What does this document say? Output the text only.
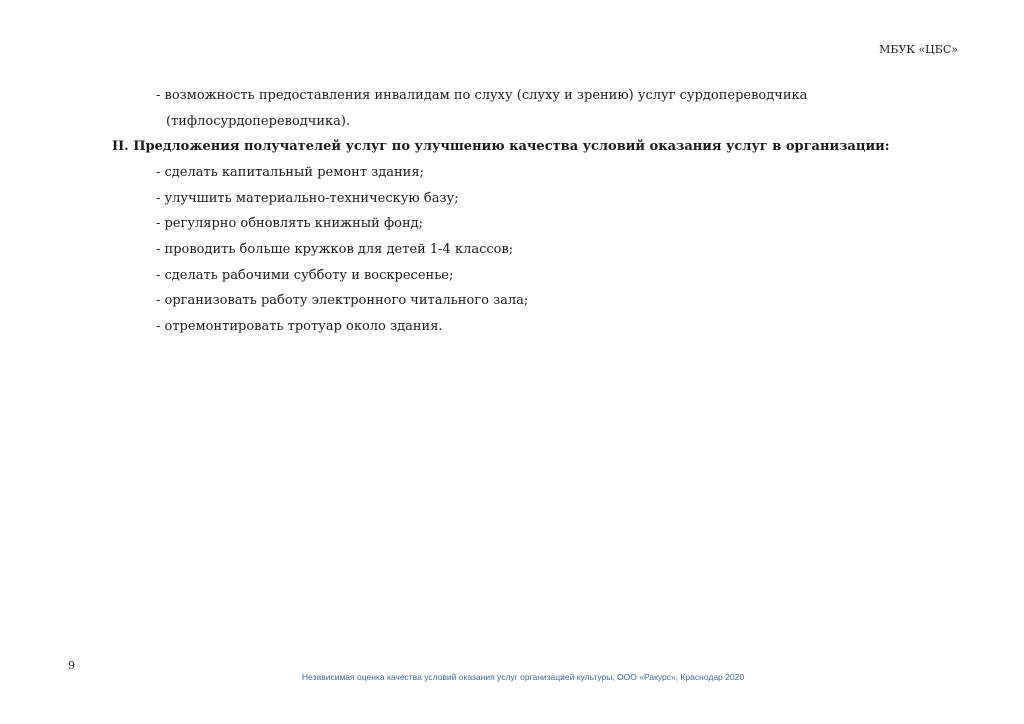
МБУК «ЦБС»
- возможность предоставления инвалидам по слуху (слуху и зрению) услуг сурдопереводчика
(тифлосурдопереводчика).
II. Предложения получателей услуг по улучшению качества условий оказания услуг в организации:
- сделать капитальный ремонт здания;
- улучшить материально-техническую базу;
- регулярно обновлять книжный фонд;
- проводить больше кружков для детей 1-4 классов;
- сделать рабочими субботу и воскресенье;
- организовать работу электронного читального зала;
- отремонтировать тротуар около здания.
9
Независимая оценка качества условий оказания услуг организацией культуры, ООО «Ракурс», Краснодар 2020
